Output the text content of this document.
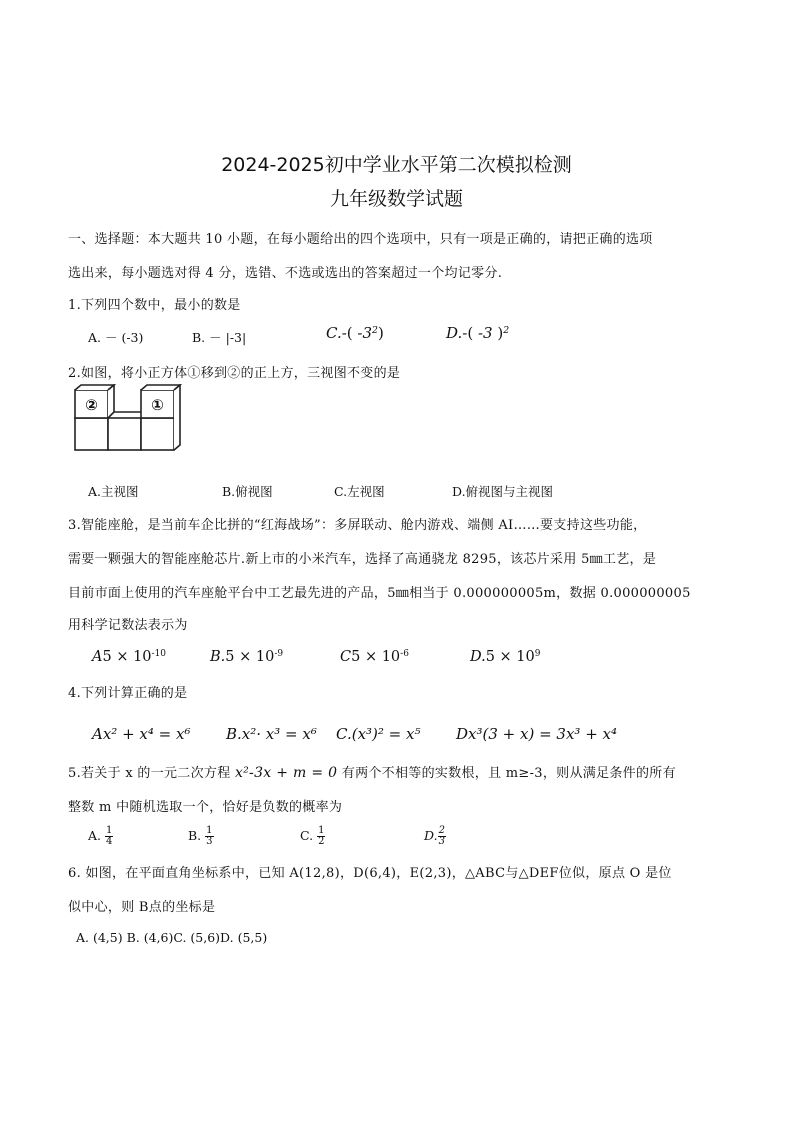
2024-2025初中学业水平第二次模拟检测
九年级数学试题
一、选择题：本大题共 10 小题，在每小题给出的四个选项中，只有一项是正确的，请把正确的选项
选出来，每小题选对得 4 分，选错、不选或选出的答案超过一个均记零分.
1.下列四个数中，最小的数是
A. － (-3)	B. － |-3|	C.-( $-3^2$)	D.-( -3 )$^2$
2.如图，将小正方体①移到②的正上方，三视图不变的是
②	①
A.主视图	B.俯视图	C.左视图	D.俯视图与主视图
3.智能座舱，是当前车企比拼的“红海战场”：多屏联动、舱内游戏、端侧 AI……要支持这些功能，
需要一颗强大的智能座舱芯片.新上市的小米汽车，选择了高通骁龙 8295，该芯片采用 5㎜工艺，是
目前市面上使用的汽车座舱平台中工艺最先进的产品，5㎜相当于 0.000000005m，数据 0.000000005
用科学记数法表示为
$A5 \times 10^{-10}$	$B.5 \times 10^{-9}$	$C5 \times 10^{-6}$	$D.5 \times 10^9$
4.下列计算正确的是
Ax² + x⁴ = x⁶ B.x²· x³ = x⁶ C.(x³)² = x⁵ Dx³(3 + x) = 3x³ + x⁴
5.若关于 x 的一元二次方程 x²-3x + m = 0 有两个不相等的实数根，且 m≥-3，则从满足条件的所有
整数 m 中随机选取一个，恰好是负数的概率为
A. $\frac{1}{4}$	B. $\frac{1}{3}$	C. $\frac{1}{2}$	D. $\frac{2}{3}$
6. 如图，在平面直角坐标系中，已知 A(12,8)，D(6,4)，E(2,3)，△ABC与△DEF位似，原点 O 是位
似中心，则 B点的坐标是
A. (4,5) B. (4,6)C. (5,6)D. (5,5)
